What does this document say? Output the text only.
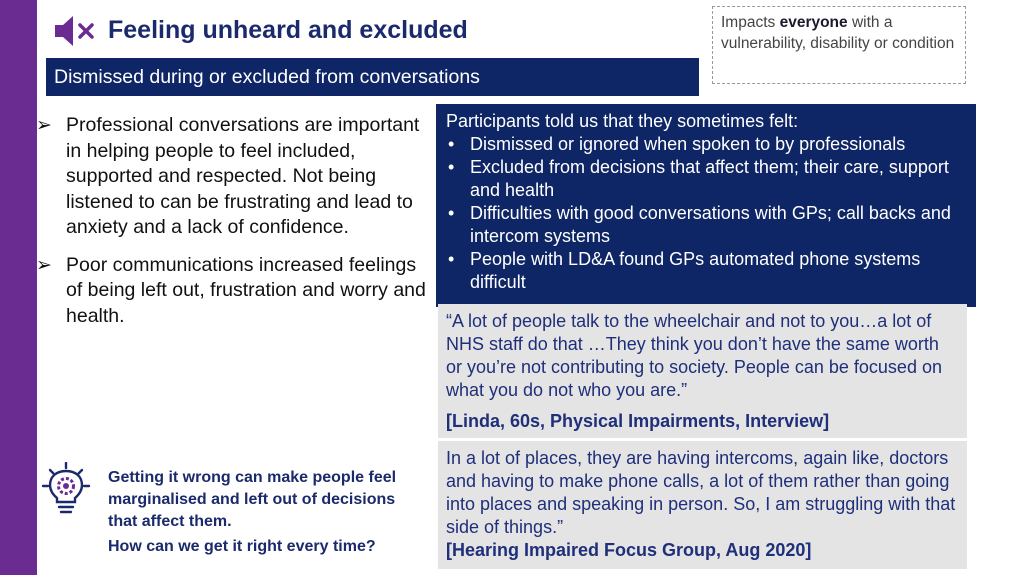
Feeling unheard and excluded	Impacts everyone with a vulnerability, disability or condition
Dismissed during or excluded from conversations
➢ Professional conversations are important in helping people to feel included, supported and respected. Not being listened to can be frustrating and lead to anxiety and a lack of confidence.
➢ Poor communications increased feelings of being left out, frustration and worry and health.
Participants told us that they sometimes felt:
• Dismissed or ignored when spoken to by professionals
• Excluded from decisions that affect them; their care, support and health
• Difficulties with good conversations with GPs; call backs and intercom systems
• People with LD&A found GPs automated phone systems difficult
“A lot of people talk to the wheelchair and not to you…a lot of NHS staff do that …They think you don’t have the same worth or you’re not contributing to society. People can be focused on what you do not who you are.”
[Linda, 60s, Physical Impairments, Interview]
In a lot of places, they are having intercoms, again like, doctors and having to make phone calls, a lot of them rather than going into places and speaking in person. So, I am struggling with that side of things.”
[Hearing Impaired Focus Group, Aug 2020]
Getting it wrong can make people feel marginalised and left out of decisions that affect them.
How can we get it right every time?
